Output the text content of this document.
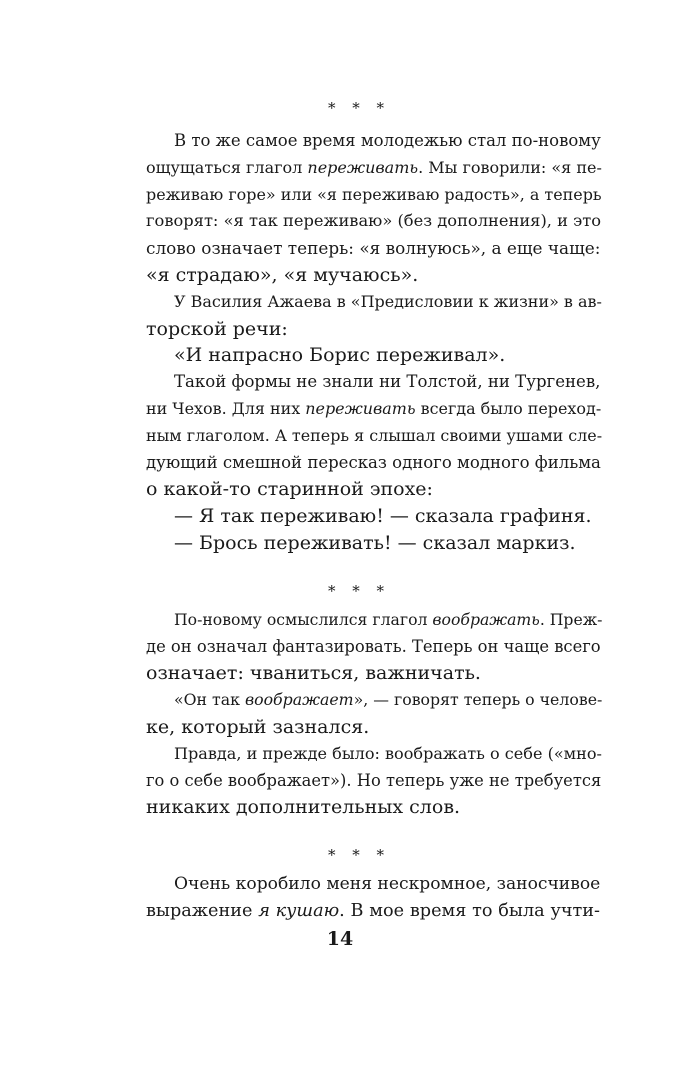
* * *

В то же самое время молодежью стал по-новому
ощущаться глагол переживать. Мы говорили: «я пе-
реживаю горе» или «я переживаю радость», а теперь
говорят: «я так переживаю» (без дополнения), и это
слово означает теперь: «я волнуюсь», а еще чаще:
«я страдаю», «я мучаюсь».

У Василия Ажаева в «Предисловии к жизни» в ав-
торской речи:

«И напрасно Борис переживал».

Такой формы не знали ни Толстой, ни Тургенев,
ни Чехов. Для них переживать всегда было переход-
ным глаголом. А теперь я слышал своими ушами сле-
дующий смешной пересказ одного модного фильма
о какой-то старинной эпохе:

— Я так переживаю! — сказала графиня.

— Брось переживать! — сказал маркиз.

* * *

По-новому осмыслился глагол воображать. Преж-
де он означал фантазировать. Теперь он чаще всего
означает: чваниться, важничать.

«Он так воображает», — говорят теперь о челове-
ке, который зазнался.

Правда, и прежде было: воображать о себе («мно-
го о себе воображает»). Но теперь уже не требуется
никаких дополнительных слов.

* * *

Очень коробило меня нескромное, заносчивое
выражение я кушаю. В мое время то была учти-

14
